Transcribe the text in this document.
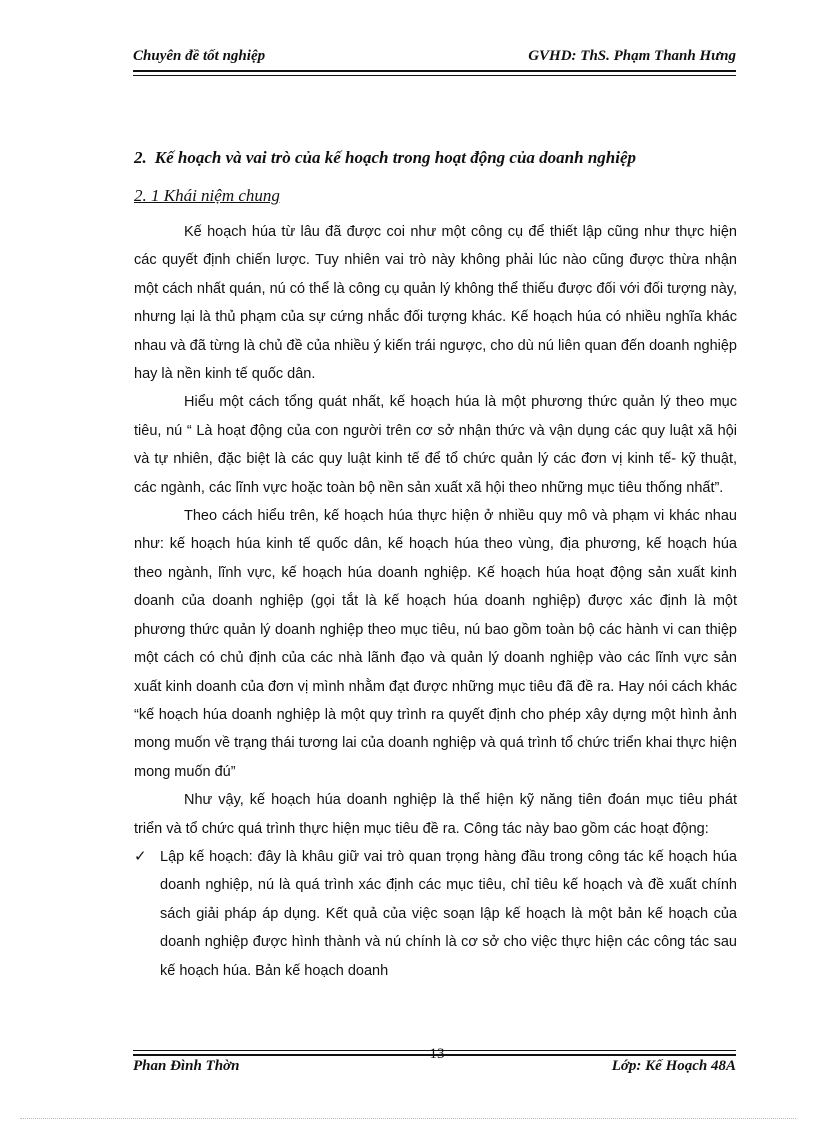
Chuyên đề tốt nghiệp	GVHD: ThS. Phạm Thanh Hưng
2. Kế hoạch và vai trò của kế hoạch trong hoạt động của doanh nghiệp
2. 1 Khái niệm chung

Kế hoạch húa từ lâu đã được coi như một công cụ để thiết lập cũng như thực hiện các quyết định chiến lược. Tuy nhiên vai trò này không phải lúc nào cũng được thừa nhận một cách nhất quán, nú có thể là công cụ quản lý không thể thiếu được đối với đối tượng này, nhưng lại là thủ phạm của sự cứng nhắc đối tượng khác. Kế hoạch húa có nhiều nghĩa khác nhau và đã từng là chủ đề của nhiều ý kiến trái ngược, cho dù nú liên quan đến doanh nghiệp hay là nền kinh tế quốc dân.

Hiểu một cách tổng quát nhất, kế hoạch húa là một phương thức quản lý theo mục tiêu, nú “ Là hoạt động của con người trên cơ sở nhận thức và vận dụng các quy luật xã hội và tự nhiên, đặc biệt là các quy luật kinh tế để tổ chức quản lý các đơn vị kinh tế- kỹ thuật, các ngành, các lĩnh vực hoặc toàn bộ nền sản xuất xã hội theo những mục tiêu thống nhất”.

Theo cách hiểu trên, kế hoạch húa thực hiện ở nhiều quy mô và phạm vi khác nhau như: kế hoạch húa kinh tế quốc dân, kế hoạch húa theo vùng, địa phương, kế hoạch húa theo ngành, lĩnh vực, kế hoạch húa doanh nghiệp. Kế hoạch húa hoạt động sản xuất kinh doanh của doanh nghiệp (gọi tắt là kế hoạch húa doanh nghiệp) được xác định là một phương thức quản lý doanh nghiệp theo mục tiêu, nú bao gồm toàn bộ các hành vi can thiệp một cách có chủ định của các nhà lãnh đạo và quản lý doanh nghiệp vào các lĩnh vực sản xuất kinh doanh của đơn vị mình nhằm đạt được những mục tiêu đã đề ra. Hay nói cách khác “kế hoạch húa doanh nghiệp là một quy trình ra quyết định cho phép xây dựng một hình ảnh mong muốn về trạng thái tương lai của doanh nghiệp và quá trình tổ chức triển khai thực hiện mong muốn đú”

Như vậy, kế hoạch húa doanh nghiệp là thể hiện kỹ năng tiên đoán mục tiêu phát triển và tổ chức quá trình thực hiện mục tiêu đề ra. Công tác này bao gồm các hoạt động:

✓ Lập kế hoạch: đây là khâu giữ vai trò quan trọng hàng đầu trong công tác kế hoạch húa doanh nghiệp, nú là quá trình xác định các mục tiêu, chỉ tiêu kế hoạch và đề xuất chính sách giải pháp áp dụng. Kết quả của việc soạn lập kế hoạch là một bản kế hoạch của doanh nghiệp được hình thành và nú chính là cơ sở cho việc thực hiện các công tác sau kế hoạch húa. Bản kế hoạch doanh
13
Phan Đình Thờn	Lớp: Kế Hoạch 48A
